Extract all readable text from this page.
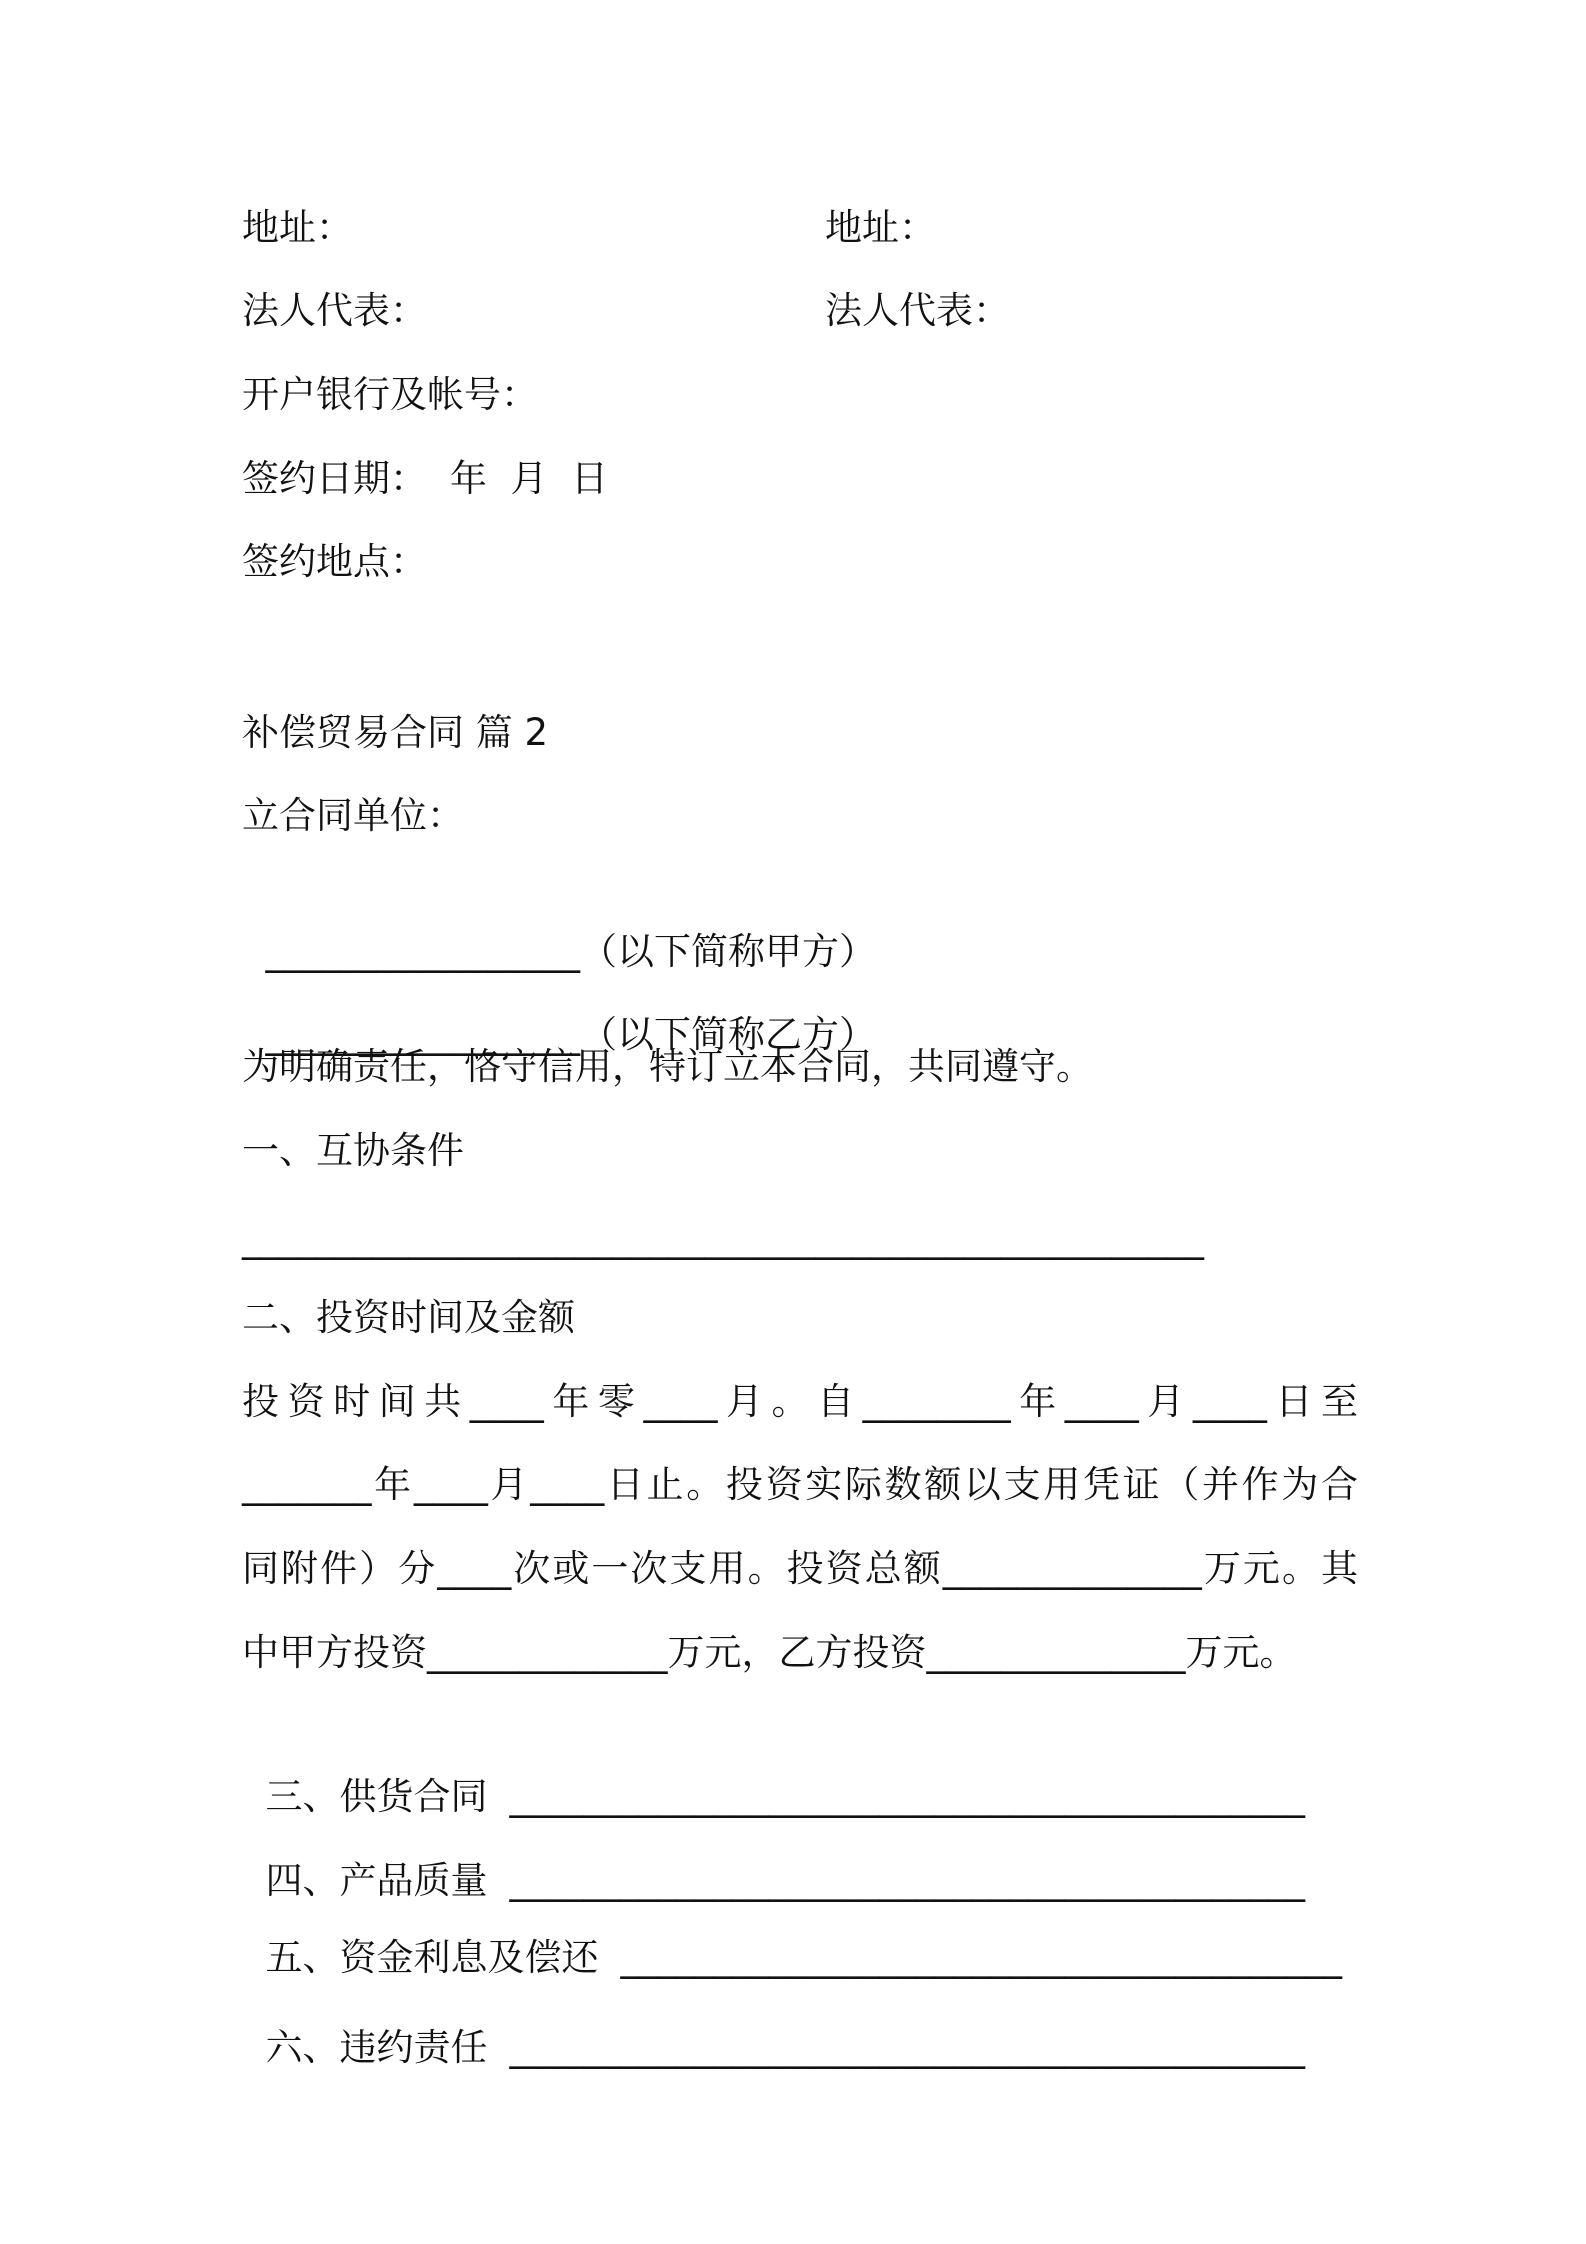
地址：	地址：
法人代表：	法人代表：
开户银行及帐号：
签约日期： 年  月  日
签约地点：
补偿贸易合同 篇 2
立合同单位：

_________________（以下简称甲方）

_________________（以下简称乙方）

为明确责任，恪守信用，特订立本合同，共同遵守。
一、互协条件
____________________________________________________
二、投资时间及金额
投资时间共____年零____月。自________年____月____日至
_______年____月____日止。投资实际数额以支用凭证（并作为合
同附件）分____次或一次支用。投资总额______________万元。其
中甲方投资_____________万元，乙方投资______________万元。

三、供货合同 ___________________________________________

四、产品质量 ___________________________________________

五、资金利息及偿还 _______________________________________

六、违约责任 ___________________________________________
